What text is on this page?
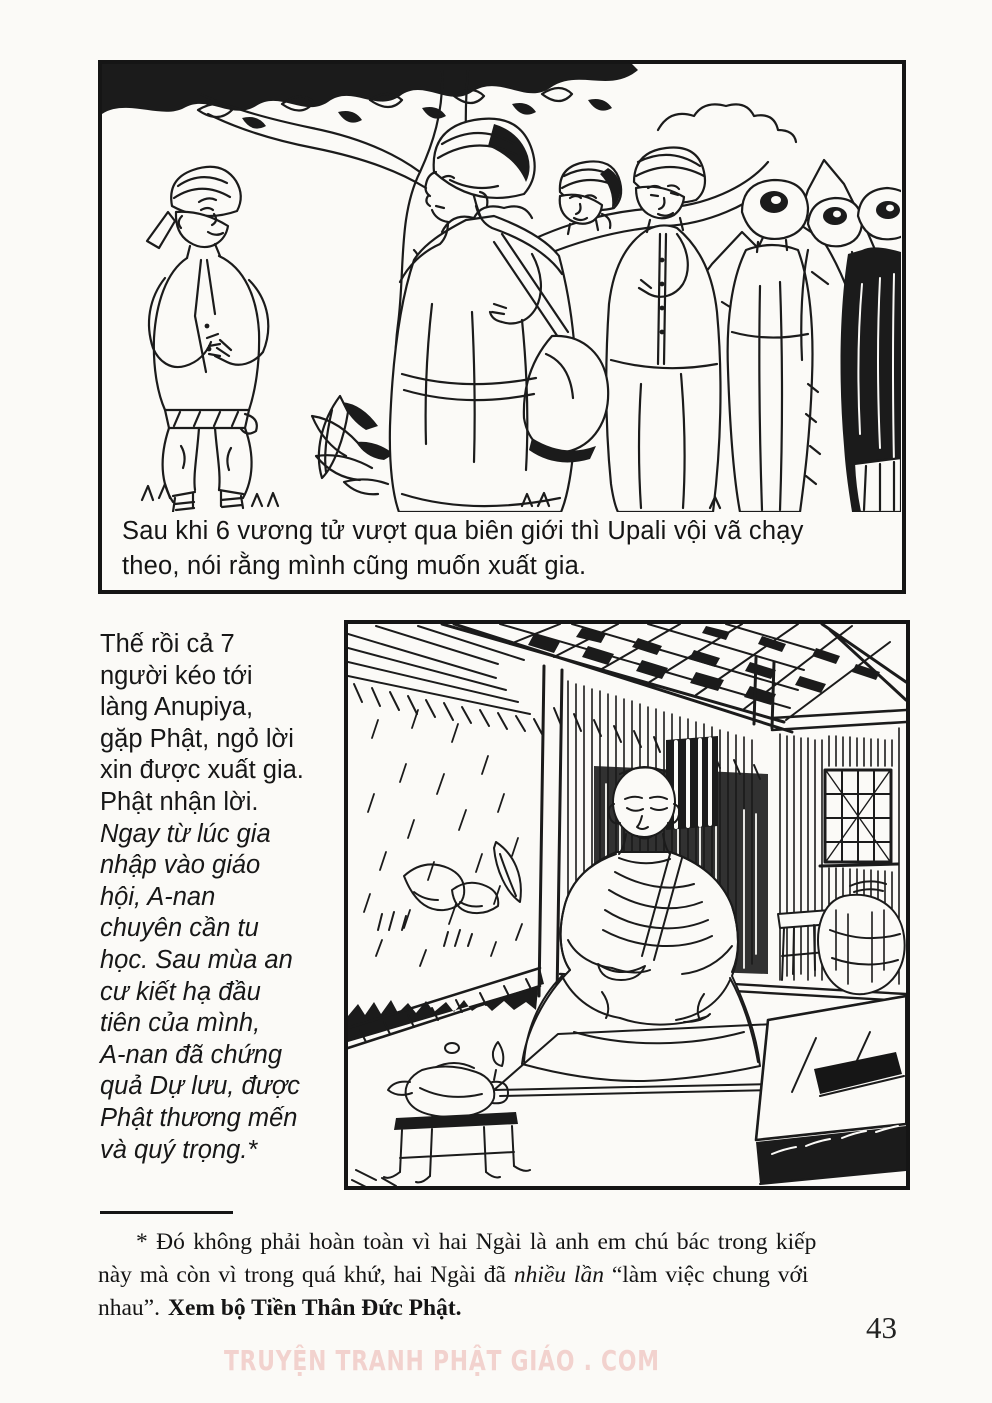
Sau khi 6 vương tử vượt qua biên giới thì Upali vội vã chạy
theo, nói rằng mình cũng muốn xuất gia.
Thế rồi cả 7
người kéo tới
làng Anupiya,
gặp Phật, ngỏ lời
xin được xuất gia.
Phật nhận lời.
Ngay từ lúc gia
nhập vào giáo
hội, A-nan
chuyên cần tu
học. Sau mùa an
cư kiết hạ đầu
tiên của mình,
A-nan đã chứng
quả Dự lưu, được
Phật thương mến
và quý trọng.*
* Đó không phải hoàn toàn vì hai Ngài là anh em chú bác trong kiếp
này mà còn vì trong quá khứ, hai Ngài đã nhiều lần “làm việc chung với
nhau”. Xem bộ Tiền Thân Đức Phật.
TRUYỆN TRANH PHẬT GIÁO . COM
43
